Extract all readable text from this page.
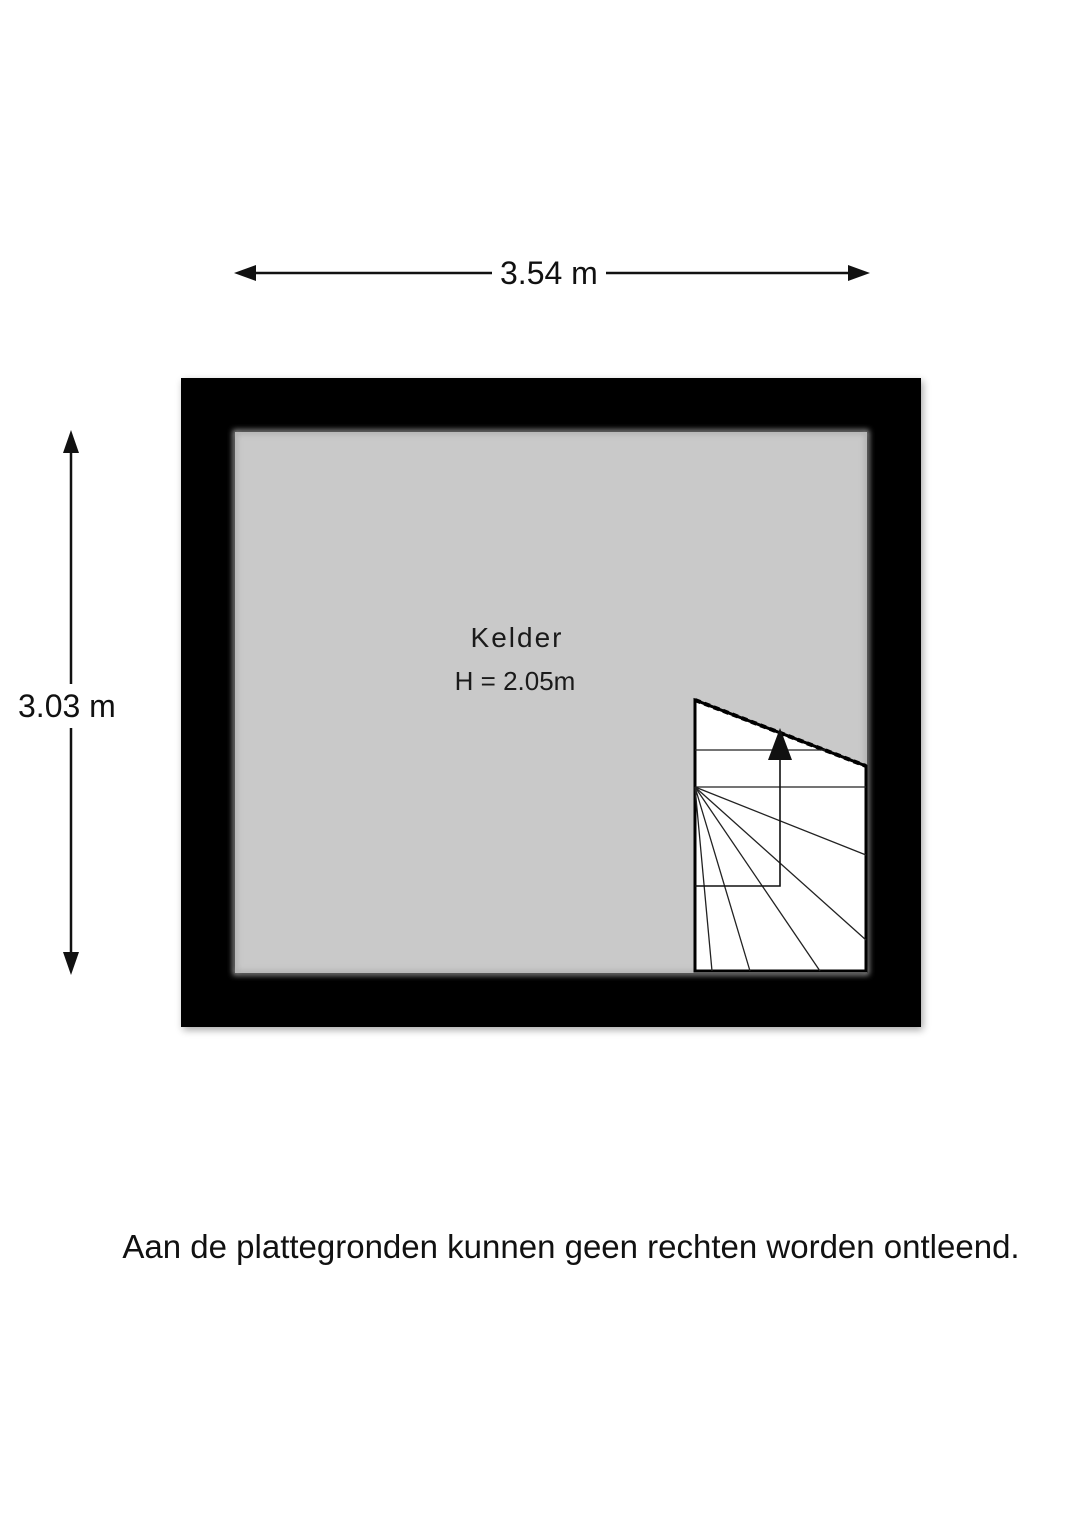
3.54 m
3.03 m
Kelder
H = 2.05m
Aan de plattegronden kunnen geen rechten worden ontleend.
